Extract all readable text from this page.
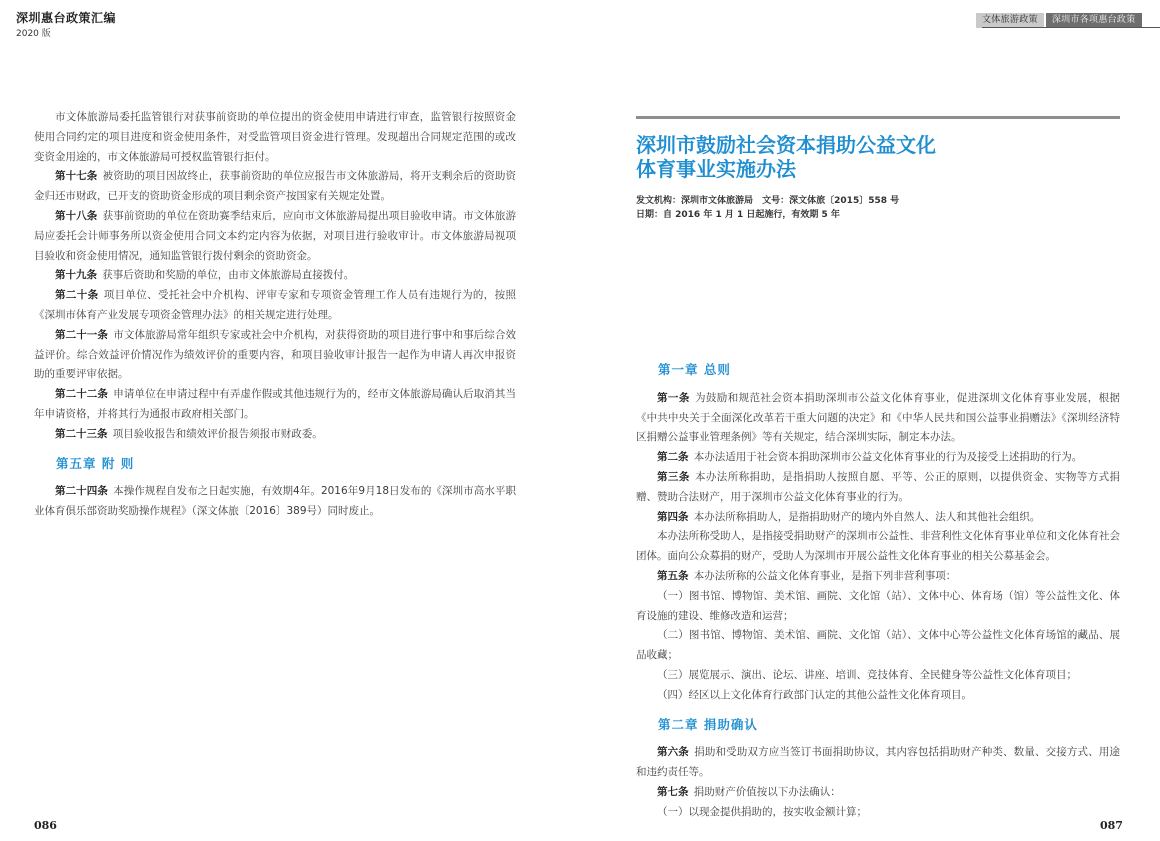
深圳惠台政策汇编
2020 版
文体旅游政策	深圳市各项惠台政策

市文体旅游局委托监管银行对获事前资助的单位提出的资金使用申请进行审查，监管银行按照资金使用合同约定的项目进度和资金使用条件，对受监管项目资金进行管理。发现超出合同规定范围的或改变资金用途的，市文体旅游局可授权监管银行拒付。

第十七条 被资助的项目因故终止，获事前资助的单位应报告市文体旅游局，将开支剩余后的资助资金归还市财政，已开支的资助资金形成的项目剩余资产按国家有关规定处置。

第十八条 获事前资助的单位在资助赛季结束后，应向市文体旅游局提出项目验收申请。市文体旅游局应委托会计师事务所以资金使用合同文本约定内容为依据，对项目进行验收审计。市文体旅游局视项目验收和资金使用情况，通知监管银行拨付剩余的资助资金。

第十九条 获事后资助和奖励的单位，由市文体旅游局直接拨付。

第二十条 项目单位、受托社会中介机构、评审专家和专项资金管理工作人员有违规行为的，按照《深圳市体育产业发展专项资金管理办法》的相关规定进行处理。

第二十一条 市文体旅游局常年组织专家或社会中介机构，对获得资助的项目进行事中和事后综合效益评价。综合效益评价情况作为绩效评价的重要内容，和项目验收审计报告一起作为申请人再次申报资助的重要评审依据。

第二十二条 申请单位在申请过程中有弄虚作假或其他违规行为的，经市文体旅游局确认后取消其当年申请资格，并将其行为通报市政府相关部门。

第二十三条 项目验收报告和绩效评价报告须报市财政委。

第五章 附 则

第二十四条 本操作规程自发布之日起实施，有效期4年。2016年9月18日发布的《深圳市高水平职业体育俱乐部资助奖励操作规程》（深文体旅〔2016〕389号）同时废止。

深圳市鼓励社会资本捐助公益文化
体育事业实施办法
发文机构：深圳市文体旅游局 文号：深文体旅〔2015〕558 号
日期：自 2016 年 1 月 1 日起施行，有效期 5 年
第一章 总则

第一条 为鼓励和规范社会资本捐助深圳市公益文化体育事业，促进深圳文化体育事业发展，根据《中共中央关于全面深化改革若干重大问题的决定》和《中华人民共和国公益事业捐赠法》《深圳经济特区捐赠公益事业管理条例》等有关规定，结合深圳实际，制定本办法。

第二条 本办法适用于社会资本捐助深圳市公益文化体育事业的行为及接受上述捐助的行为。

第三条 本办法所称捐助，是指捐助人按照自愿、平等、公正的原则，以提供资金、实物等方式捐赠、赞助合法财产，用于深圳市公益文化体育事业的行为。

第四条 本办法所称捐助人，是指捐助财产的境内外自然人、法人和其他社会组织。

本办法所称受助人，是指接受捐助财产的深圳市公益性、非营利性文化体育事业单位和文化体育社会团体。面向公众募捐的财产，受助人为深圳市开展公益性文化体育事业的相关公募基金会。

第五条 本办法所称的公益文化体育事业，是指下列非营利事项：

（一）图书馆、博物馆、美术馆、画院、文化馆（站）、文体中心、体育场（馆）等公益性文化、体育设施的建设、维修改造和运营；

（二）图书馆、博物馆、美术馆、画院、文化馆（站）、文体中心等公益性文化体育场馆的藏品、展品收藏；

（三）展览展示、演出、论坛、讲座、培训、竞技体育、全民健身等公益性文化体育项目；

（四）经区以上文化体育行政部门认定的其他公益性文化体育项目。

第二章 捐助确认

第六条 捐助和受助双方应当签订书面捐助协议，其内容包括捐助财产种类、数量、交接方式、用途和违约责任等。

第七条 捐助财产价值按以下办法确认：

（一）以现金提供捐助的，按实收金额计算；

086	087
